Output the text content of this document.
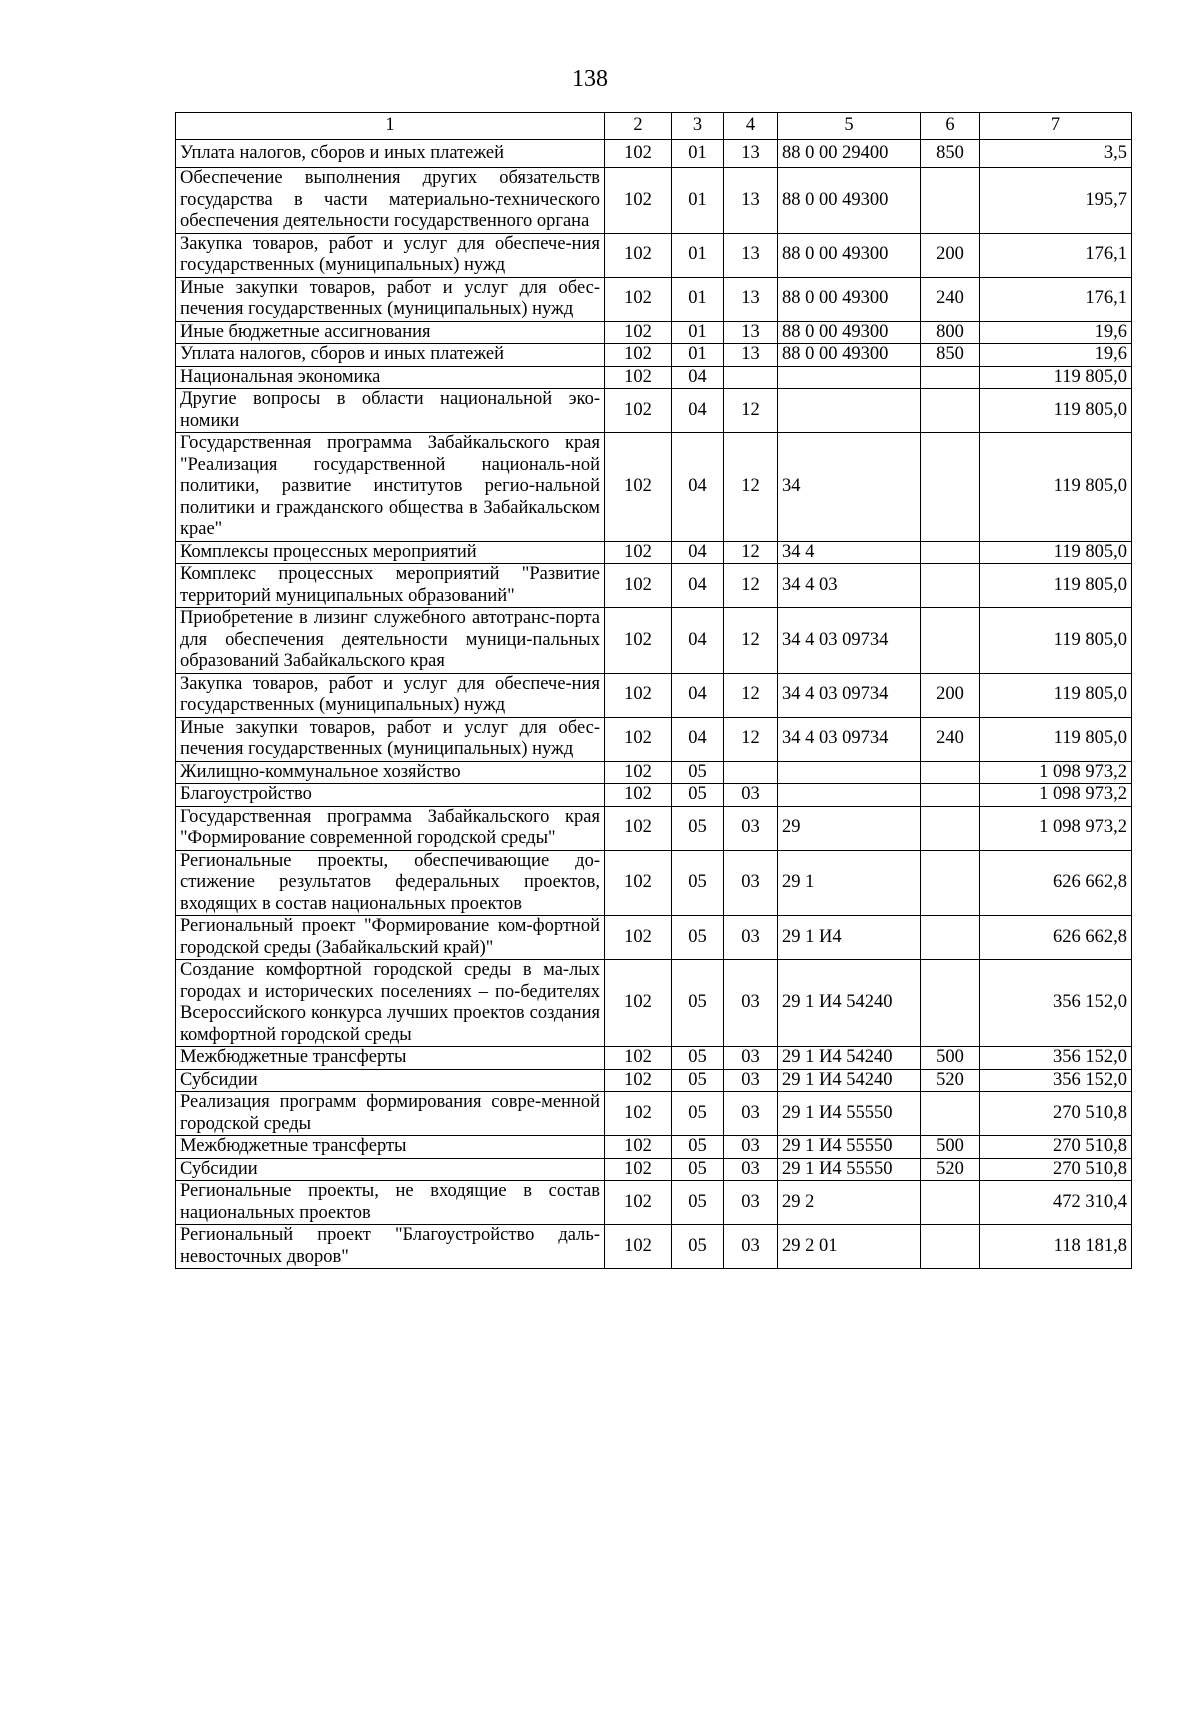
138
1	2	3	4	5	6	7
Уплата налогов, сборов и иных платежей	102	01	13	88 0 00 29400	850	3,5
Обеспечение выполнения других обязательств государства в части материально-технического обеспечения деятельности государственного органа	102	01	13	88 0 00 49300		195,7
Закупка товаров, работ и услуг для обеспече-ния государственных (муниципальных) нужд	102	01	13	88 0 00 49300	200	176,1
Иные закупки товаров, работ и услуг для обес-печения государственных (муниципальных) нужд	102	01	13	88 0 00 49300	240	176,1
Иные бюджетные ассигнования	102	01	13	88 0 00 49300	800	19,6
Уплата налогов, сборов и иных платежей	102	01	13	88 0 00 49300	850	19,6
Национальная экономика	102	04				119 805,0
Другие вопросы в области национальной эко-номики	102	04	12			119 805,0
Государственная программа Забайкальского края "Реализация государственной националь-ной политики, развитие институтов регио-нальной политики и гражданского общества в Забайкальском крае"	102	04	12	34		119 805,0
Комплексы процессных мероприятий	102	04	12	34 4		119 805,0
Комплекс процессных мероприятий "Развитие территорий муниципальных образований"	102	04	12	34 4 03		119 805,0
Приобретение в лизинг служебного автотранс-порта для обеспечения деятельности муници-пальных образований Забайкальского края	102	04	12	34 4 03 09734		119 805,0
Закупка товаров, работ и услуг для обеспече-ния государственных (муниципальных) нужд	102	04	12	34 4 03 09734	200	119 805,0
Иные закупки товаров, работ и услуг для обес-печения государственных (муниципальных) нужд	102	04	12	34 4 03 09734	240	119 805,0
Жилищно-коммунальное хозяйство	102	05				1 098 973,2
Благоустройство	102	05	03			1 098 973,2
Государственная программа Забайкальского края "Формирование современной городской среды"	102	05	03	29		1 098 973,2
Региональные проекты, обеспечивающие до-стижение результатов федеральных проектов, входящих в состав национальных проектов	102	05	03	29 1		626 662,8
Региональный проект "Формирование ком-фортной городской среды (Забайкальский край)"	102	05	03	29 1 И4		626 662,8
Создание комфортной городской среды в ма-лых городах и исторических поселениях – по-бедителях Всероссийского конкурса лучших проектов создания комфортной городской среды	102	05	03	29 1 И4 54240		356 152,0
Межбюджетные трансферты	102	05	03	29 1 И4 54240	500	356 152,0
Субсидии	102	05	03	29 1 И4 54240	520	356 152,0
Реализация программ формирования совре-менной городской среды	102	05	03	29 1 И4 55550		270 510,8
Межбюджетные трансферты	102	05	03	29 1 И4 55550	500	270 510,8
Субсидии	102	05	03	29 1 И4 55550	520	270 510,8
Региональные проекты, не входящие в состав национальных проектов	102	05	03	29 2		472 310,4
Региональный проект "Благоустройство даль-невосточных дворов"	102	05	03	29 2 01		118 181,8
